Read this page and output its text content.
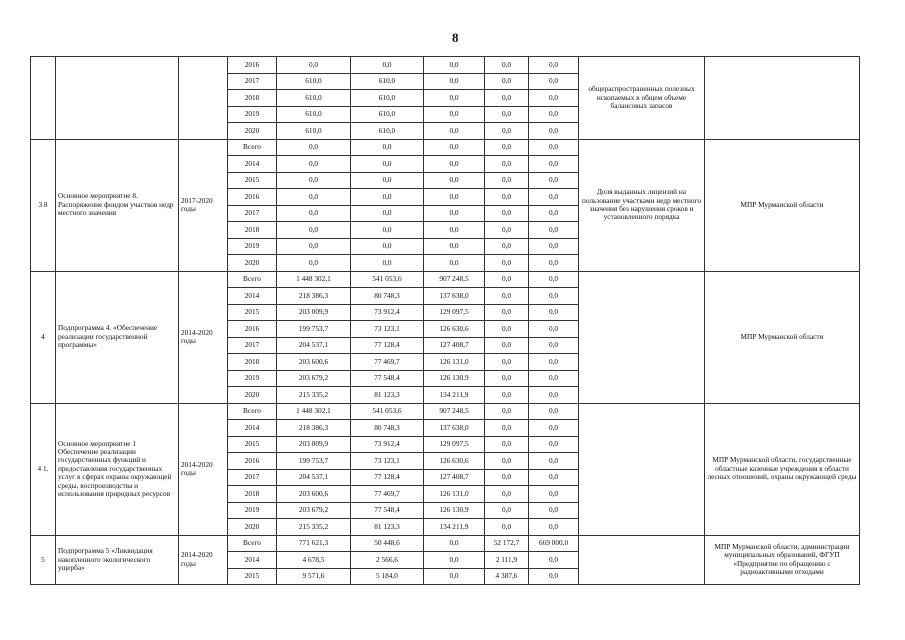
8
			2016	0,0	0,0	0,0	0,0	0,0	общераспространенных полезных ископаемых в общем объеме балансовых запасов	
			2017	610,0	610,0	0,0	0,0	0,0		
			2018	610,0	610,0	0,0	0,0	0,0		
			2019	610,0	610,0	0,0	0,0	0,0		
			2020	610,0	610,0	0,0	0,0	0,0		
3 8	Основное мероприятие 8. Распоряжение фондом участков недр местного значения	2017-2020 годы	Всего	0,0	0,0	0,0	0,0	0,0	Доля выданных лицензий на пользование участками недр местного значения без нарушения сроков и установленного порядка	МПР Мурманской области
			2014	0,0	0,0	0,0	0,0	0,0		
			2015	0,0	0,0	0,0	0,0	0,0		
			2016	0,0	0,0	0,0	0,0	0,0		
			2017	0,0	0,0	0,0	0,0	0,0		
			2018	0,0	0,0	0,0	0,0	0,0		
			2019	0,0	0,0	0,0	0,0	0,0		
			2020	0,0	0,0	0,0	0,0	0,0		
4	Подпрограмма 4. «Обеспечение реализации государственной программы»	2014-2020 годы	Всего	1 448 302,1	541 053,6	907 248,5	0,0	0,0		МПР Мурманской области
			2014	218 386,3	80 748,3	137 638,0	0,0	0,0		
			2015	203 009,9	73 912,4	129 097,5	0,0	0,0		
			2016	199 753,7	73 123,1	126 630,6	0,0	0,0		
			2017	204 537,1	77 128,4	127 408,7	0,0	0,0		
			2018	203 600,6	77 469,7	126 131,0	0,0	0,0		
			2019	203 679,2	77 548,4	126 130,9	0,0	0,0		
			2020	215 335,2	81 123,3	134 211,9	0,0	0,0		
4 1.	Основное мероприятие 1 Обеспечение реализации государственных функций и предоставления государственных услуг в сферах охраны окружающей среды, воспроизводства и использования природных ресурсов	2014-2020 годы	Всего	1 448 302,1	541 053,6	907 248,5	0,0	0,0		МПР Мурманской области, государственные областные казенные учреждения в области лесных отношений, охраны окружающей среды
			2014	218 386,3	80 748,3	137 638,0	0,0	0,0		
			2015	203 009,9	73 912,4	129 097,5	0,0	0,0		
			2016	199 753,7	73 123,1	126 630,6	0,0	0,0		
			2017	204 537,1	77 128,4	127 408,7	0,0	0,0		
			2018	203 600,6	77 469,7	126 131,0	0,0	0,0		
			2019	203 679,2	77 548,4	126 130,9	0,0	0,0		
			2020	215 335,2	81 123,3	134 211,9	0,0	0,0		
5	Подпрограмма 5 «Ликвидация накопленного экологического ущерба»	2014-2020 годы	Всего	771 621,3	50 448,6	0,0	52 172,7	669 000,0		МПР Мурманской области, администрации муниципальных образований, ФГУП «Предприятие по обращению с радиоактивными отходами
			2014	4 678,5	2 566,6	0,0	2 111,9	0,0		
			2015	9 571,6	5 184,0	0,0	4 387,6	0,0		
